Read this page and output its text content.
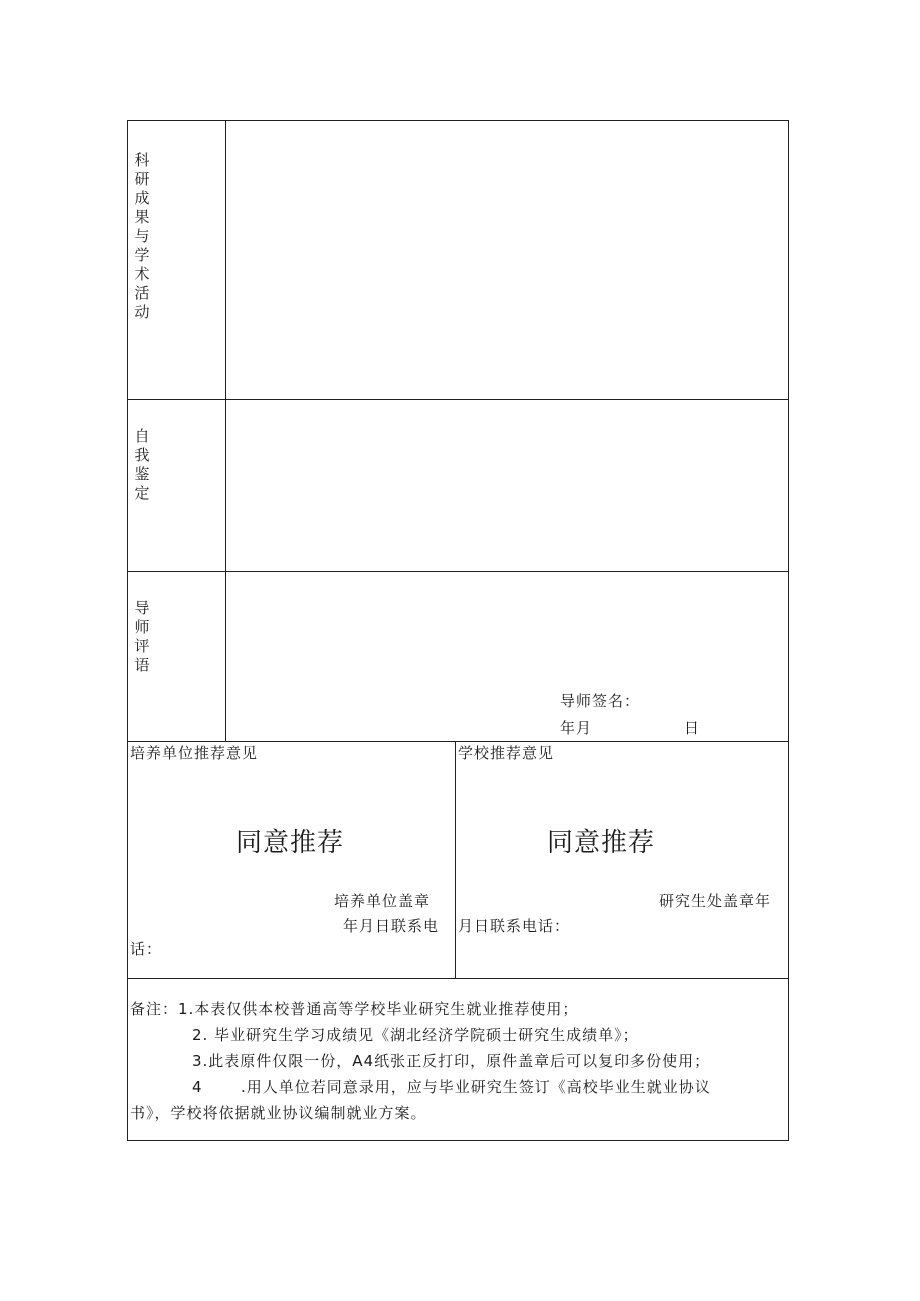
科研成果与学术活动
自我鉴定
导师评语
导师签名：
年月	日
培养单位推荐意见
同意推荐
培养单位盖章
年月日联系电
话：
学校推荐意见
同意推荐
研究生处盖章年
月日联系电话：
备注：1.本表仅供本校普通高等学校毕业研究生就业推荐使用；
2. 毕业研究生学习成绩见《湖北经济学院硕士研究生成绩单》；
3.此表原件仅限一份，A4纸张正反打印，原件盖章后可以复印多份使用；
4	.用人单位若同意录用，应与毕业研究生签订《高校毕业生就业协议
书》，学校将依据就业协议编制就业方案。
